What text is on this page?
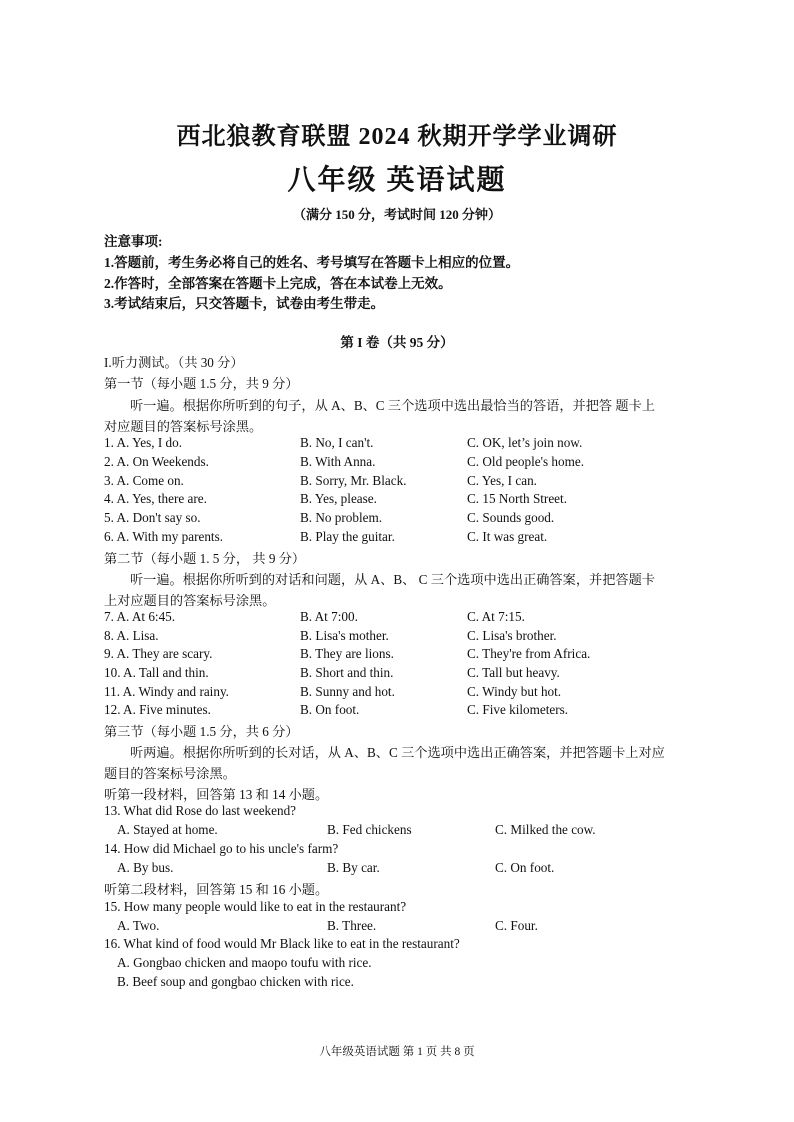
西北狼教育联盟 2024 秋期开学学业调研
八年级 英语试题
（满分 150 分，考试时间 120 分钟）
注意事项:
1.答题前，考生务必将自己的姓名、考号填写在答题卡上相应的位置。
2.作答时，全部答案在答题卡上完成，答在本试卷上无效。
3.考试结束后，只交答题卡，试卷由考生带走。
第 I 卷（共 95 分）
I.听力测试。（共 30 分）
第一节（每小题 1.5 分，共 9 分）
听一遍。根据你所听到的句子，从 A、B、C 三个选项中选出最恰当的答语，并把答 题卡上
对应题目的答案标号涂黑。
1. A. Yes, I do.	B. No, I can't.	C. OK, let’s join now.
2. A. On Weekends.	B. With Anna.	C. Old people's home.
3. A. Come on.	B. Sorry, Mr. Black.	C. Yes, I can.
4. A. Yes, there are.	B. Yes, please.	C. 15 North Street.
5. A. Don't say so.	B. No problem.	C. Sounds good.
6. A. With my parents.	B. Play the guitar.	C. It was great.
第二节（每小题 1. 5 分， 共 9 分）
听一遍。根据你所听到的对话和问题，从 A、B、 C 三个选项中选出正确答案，并把答题卡
上对应题目的答案标号涂黑。
7. A. At 6:45.	B. At 7:00.	C. At 7:15.
8. A. Lisa.	B. Lisa's mother.	C. Lisa's brother.
9. A. They are scary.	B. They are lions.	C. They're from Africa.
10. A. Tall and thin.	B. Short and thin.	C. Tall but heavy.
11. A. Windy and rainy.	B. Sunny and hot.	C. Windy but hot.
12. A. Five minutes.	B. On foot.	C. Five kilometers.
第三节（每小题 1.5 分，共 6 分）
听两遍。根据你所听到的长对话，从 A、B、C 三个选项中选出正确答案，并把答题卡上对应
题目的答案标号涂黑。
听第一段材料，回答第 13 和 14 小题。
13. What did Rose do last weekend?
A. Stayed at home.	B. Fed chickens	C. Milked the cow.
14. How did Michael go to his uncle's farm?
A. By bus.	B. By car.	C. On foot.
听第二段材料，回答第 15 和 16 小题。
15. How many people would like to eat in the restaurant?
A. Two.	B. Three.	C. Four.
16. What kind of food would Mr Black like to eat in the restaurant?
A. Gongbao chicken and maopo toufu with rice.
B. Beef soup and gongbao chicken with rice.
八年级英语试题 第 1 页 共 8 页
